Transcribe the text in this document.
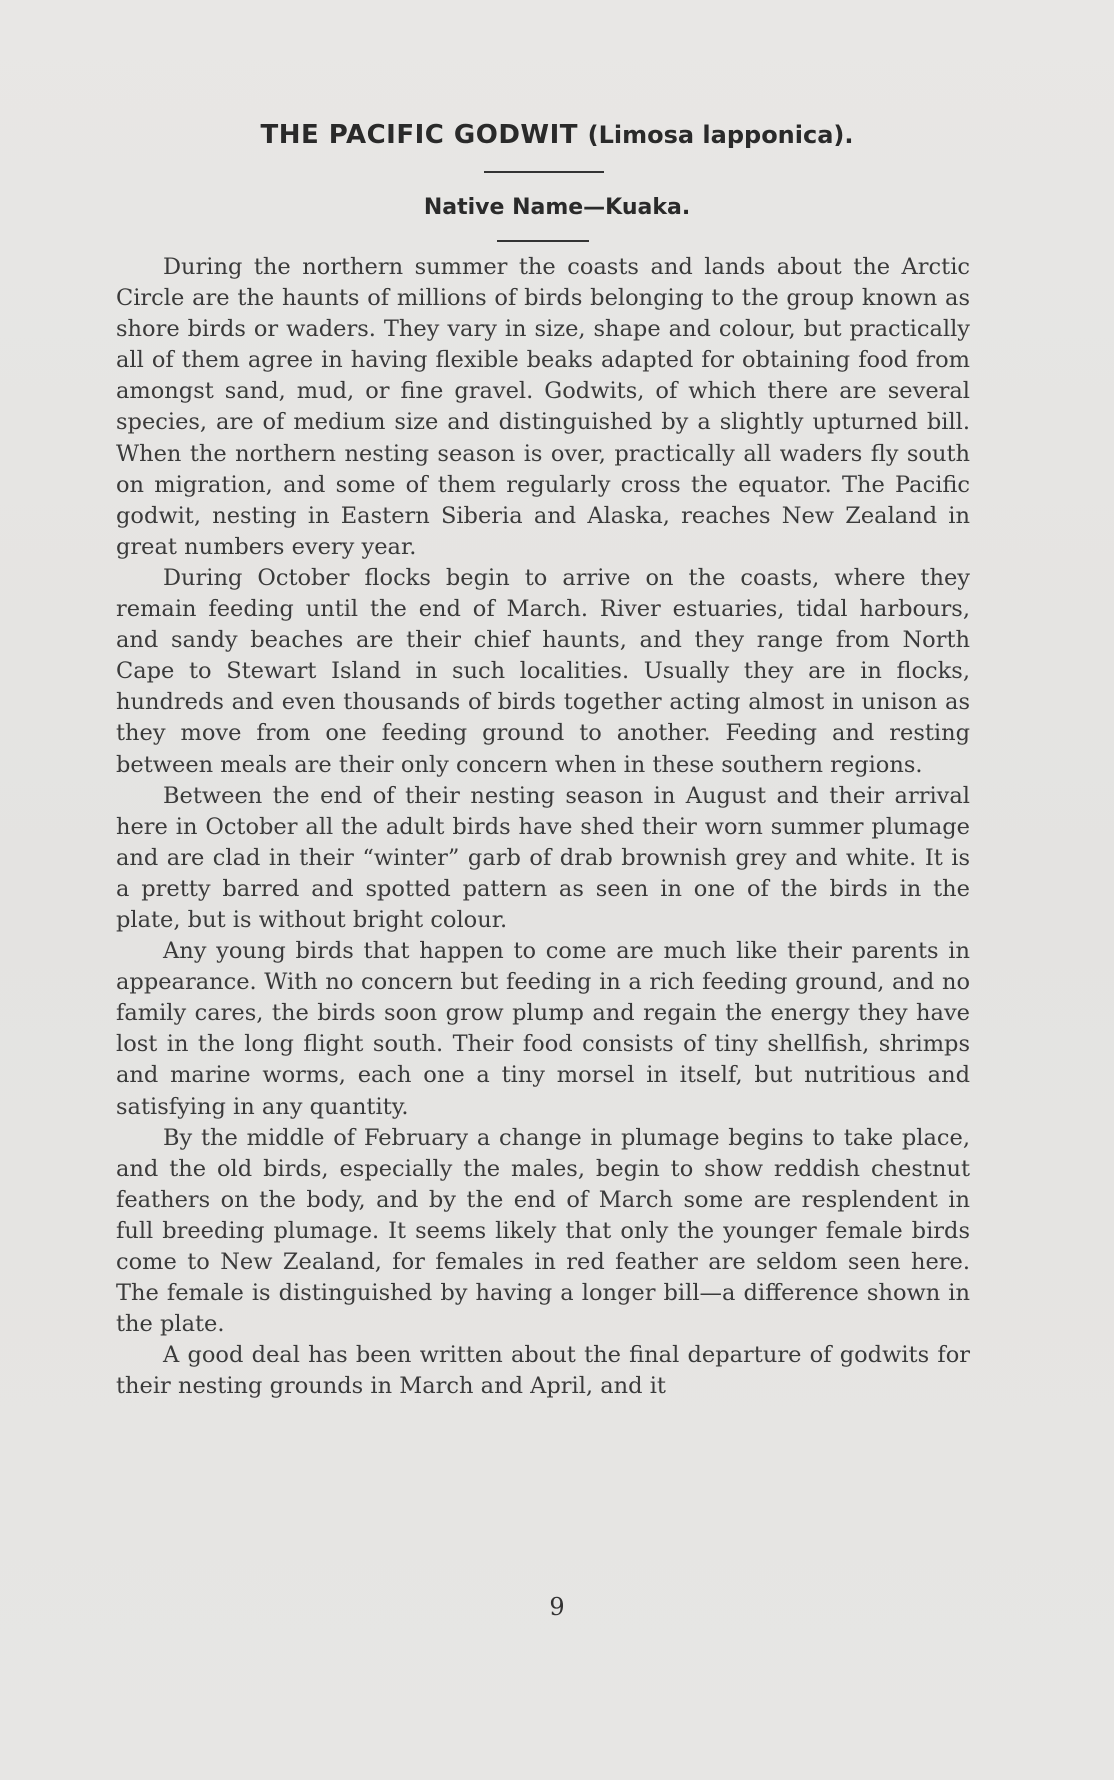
THE PACIFIC GODWIT (Limosa lapponica).
Native Name—Kuaka.

During the northern summer the coasts and lands about the Arctic Circle are the haunts of millions of birds belonging to the group known as shore birds or waders. They vary in size, shape and colour, but practically all of them agree in having flexible beaks adapted for obtaining food from amongst sand, mud, or fine gravel. Godwits, of which there are several species, are of medium size and distinguished by a slightly upturned bill. When the northern nesting season is over, practically all waders fly south on migration, and some of them regularly cross the equator. The Pacific godwit, nesting in Eastern Siberia and Alaska, reaches New Zealand in great numbers every year.

During October flocks begin to arrive on the coasts, where they remain feeding until the end of March. River estuaries, tidal harbours, and sandy beaches are their chief haunts, and they range from North Cape to Stewart Island in such localities. Usually they are in flocks, hundreds and even thousands of birds together acting almost in unison as they move from one feeding ground to another. Feeding and resting between meals are their only concern when in these southern regions.

Between the end of their nesting season in August and their arrival here in October all the adult birds have shed their worn summer plumage and are clad in their “winter” garb of drab brownish grey and white. It is a pretty barred and spotted pattern as seen in one of the birds in the plate, but is without bright colour.

Any young birds that happen to come are much like their parents in appearance. With no concern but feeding in a rich feeding ground, and no family cares, the birds soon grow plump and regain the energy they have lost in the long flight south. Their food consists of tiny shellfish, shrimps and marine worms, each one a tiny morsel in itself, but nutritious and satisfying in any quantity.

By the middle of February a change in plumage begins to take place, and the old birds, especially the males, begin to show reddish chestnut feathers on the body, and by the end of March some are resplendent in full breeding plumage. It seems likely that only the younger female birds come to New Zealand, for females in red feather are seldom seen here. The female is distinguished by having a longer bill—a difference shown in the plate.

A good deal has been written about the final departure of godwits for their nesting grounds in March and April, and it

9
